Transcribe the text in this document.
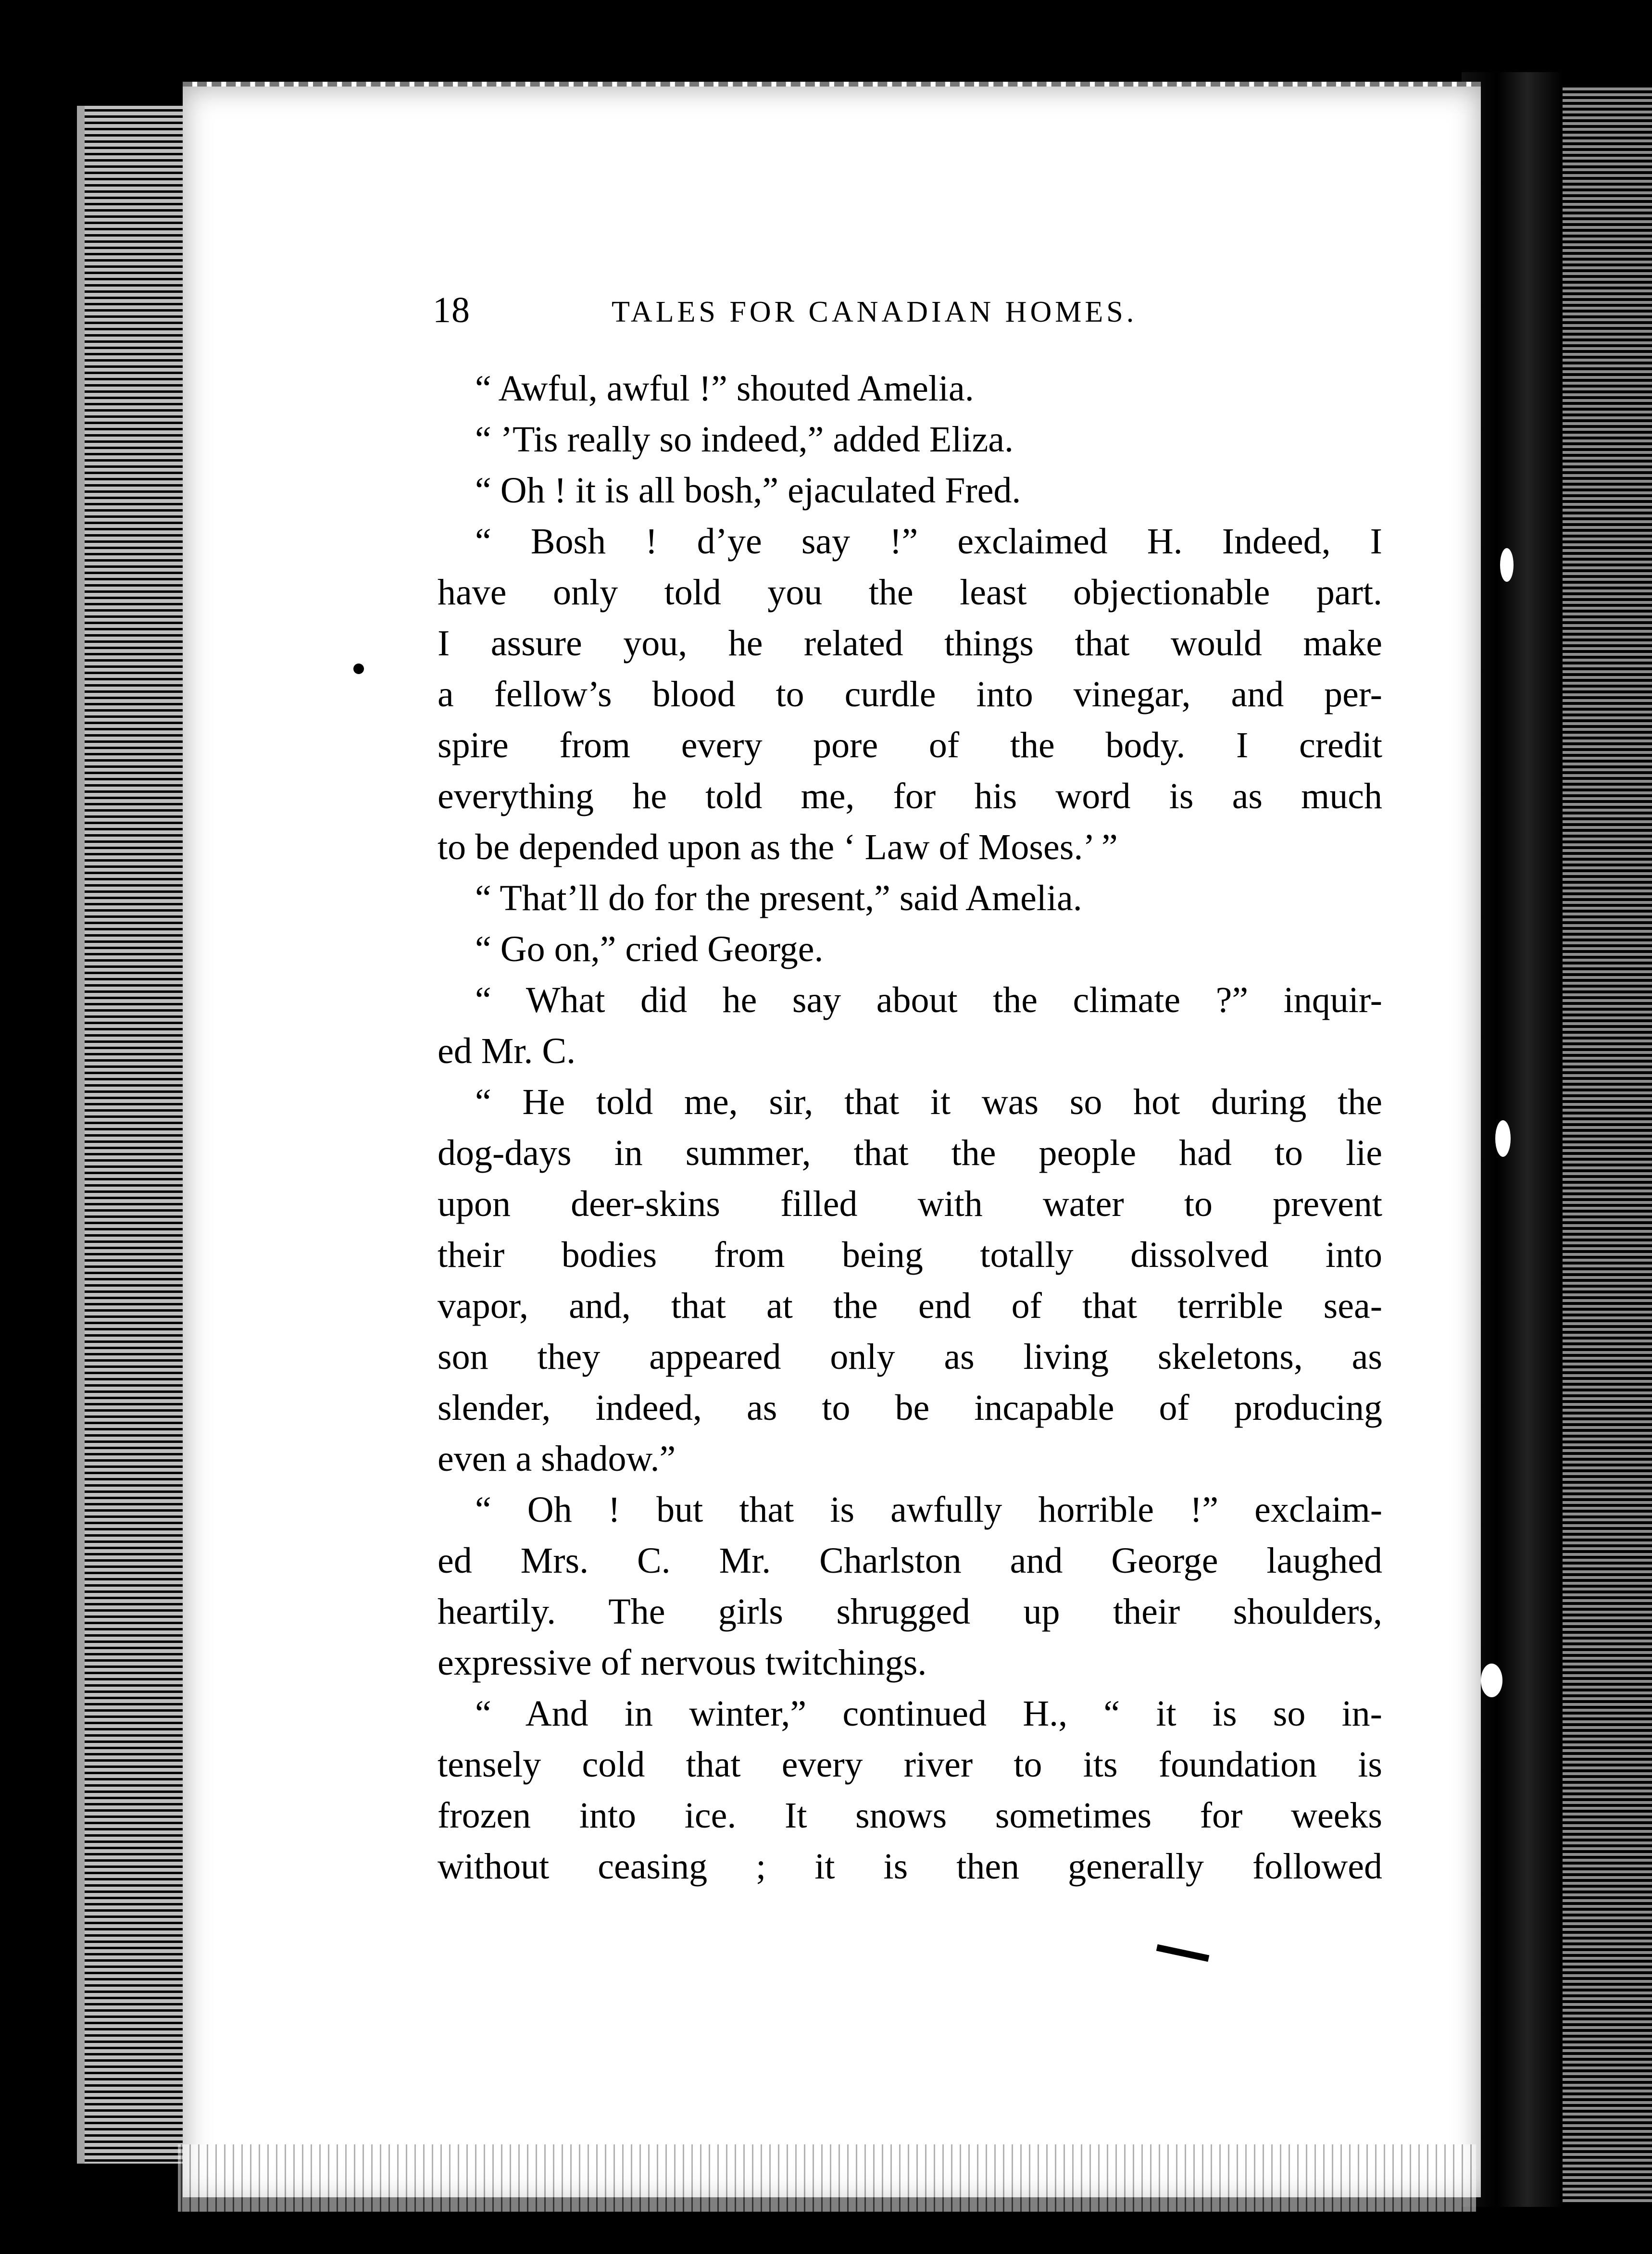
18	TALES FOR CANADIAN HOMES.
“ Awful, awful !” shouted Amelia.
“ ’Tis really so indeed,” added Eliza.
“ Oh ! it is all bosh,” ejaculated Fred.
“ Bosh ! d’ye say !” exclaimed H. Indeed, I
have only told you the least objectionable part.
I assure you, he related things that would make
a fellow’s blood to curdle into vinegar, and per-
spire from every pore of the body. I credit
everything he told me, for his word is as much
to be depended upon as the ‘ Law of Moses.’ ”
“ That’ll do for the present,” said Amelia.
“ Go on,” cried George.
“ What did he say about the climate ?” inquir-
ed Mr. C.
“ He told me, sir, that it was so hot during the
dog-days in summer, that the people had to lie
upon deer-skins filled with water to prevent
their bodies from being totally dissolved into
vapor, and, that at the end of that terrible sea-
son they appeared only as living skeletons, as
slender, indeed, as to be incapable of producing
even a shadow.”
“ Oh ! but that is awfully horrible !” exclaim-
ed Mrs. C. Mr. Charlston and George laughed
heartily. The girls shrugged up their shoulders,
expressive of nervous twitchings.
“ And in winter,” continued H., “ it is so in-
tensely cold that every river to its foundation is
frozen into ice. It snows sometimes for weeks
without ceasing ; it is then generally followed
